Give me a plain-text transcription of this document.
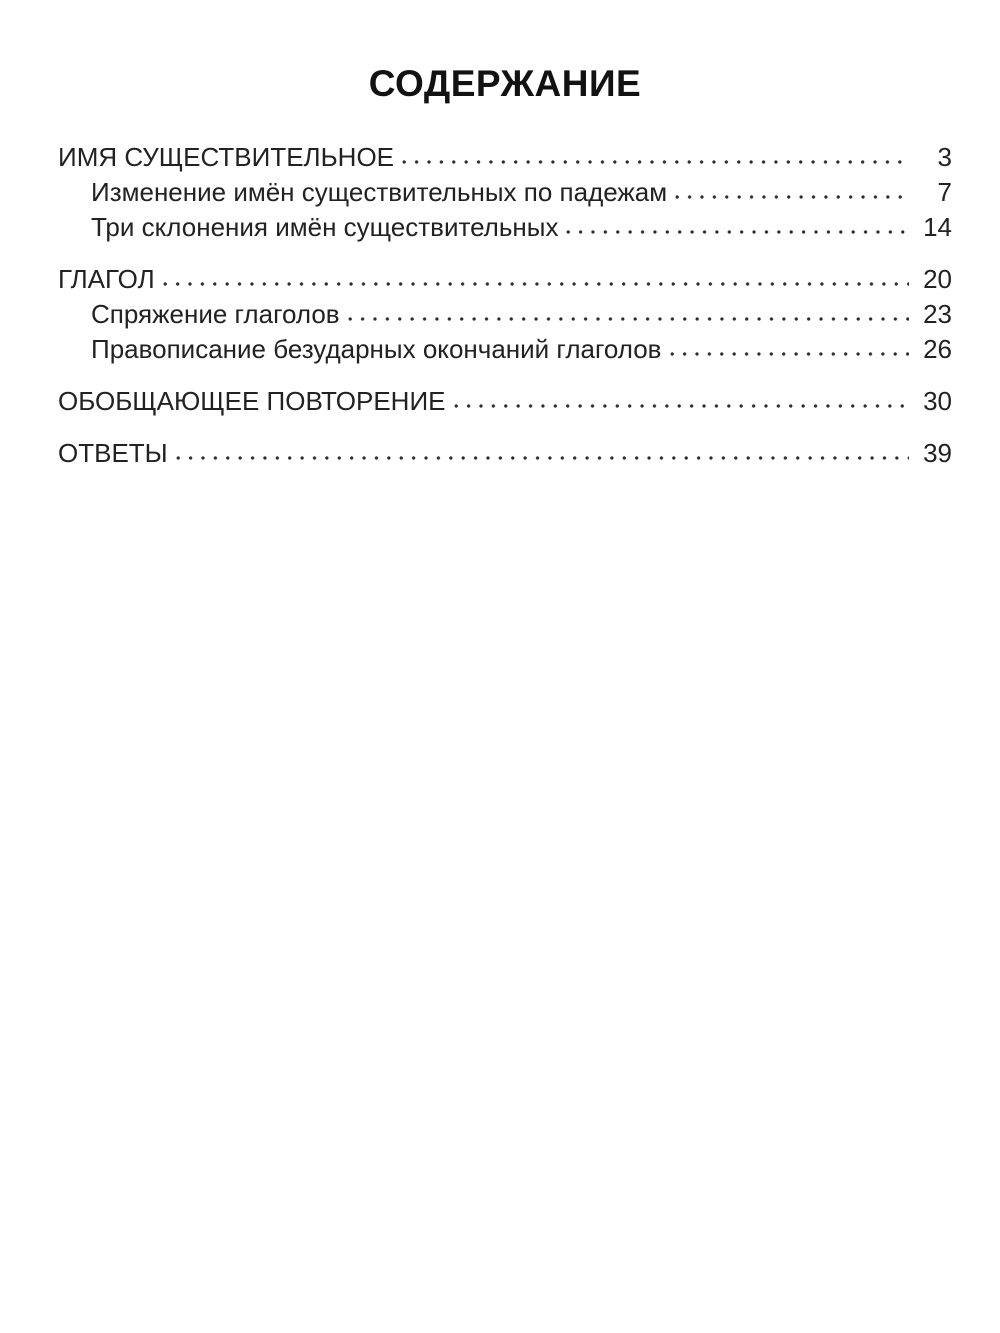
СОДЕРЖАНИЕ
ИМЯ СУЩЕСТВИТЕЛЬНОЕ	3
Изменение имён существительных по падежам	7
Три склонения имён существительных	14
ГЛАГОЛ	20
Спряжение глаголов	23
Правописание безударных окончаний глаголов	26
ОБОБЩАЮЩЕЕ ПОВТОРЕНИЕ	30
ОТВЕТЫ	39
